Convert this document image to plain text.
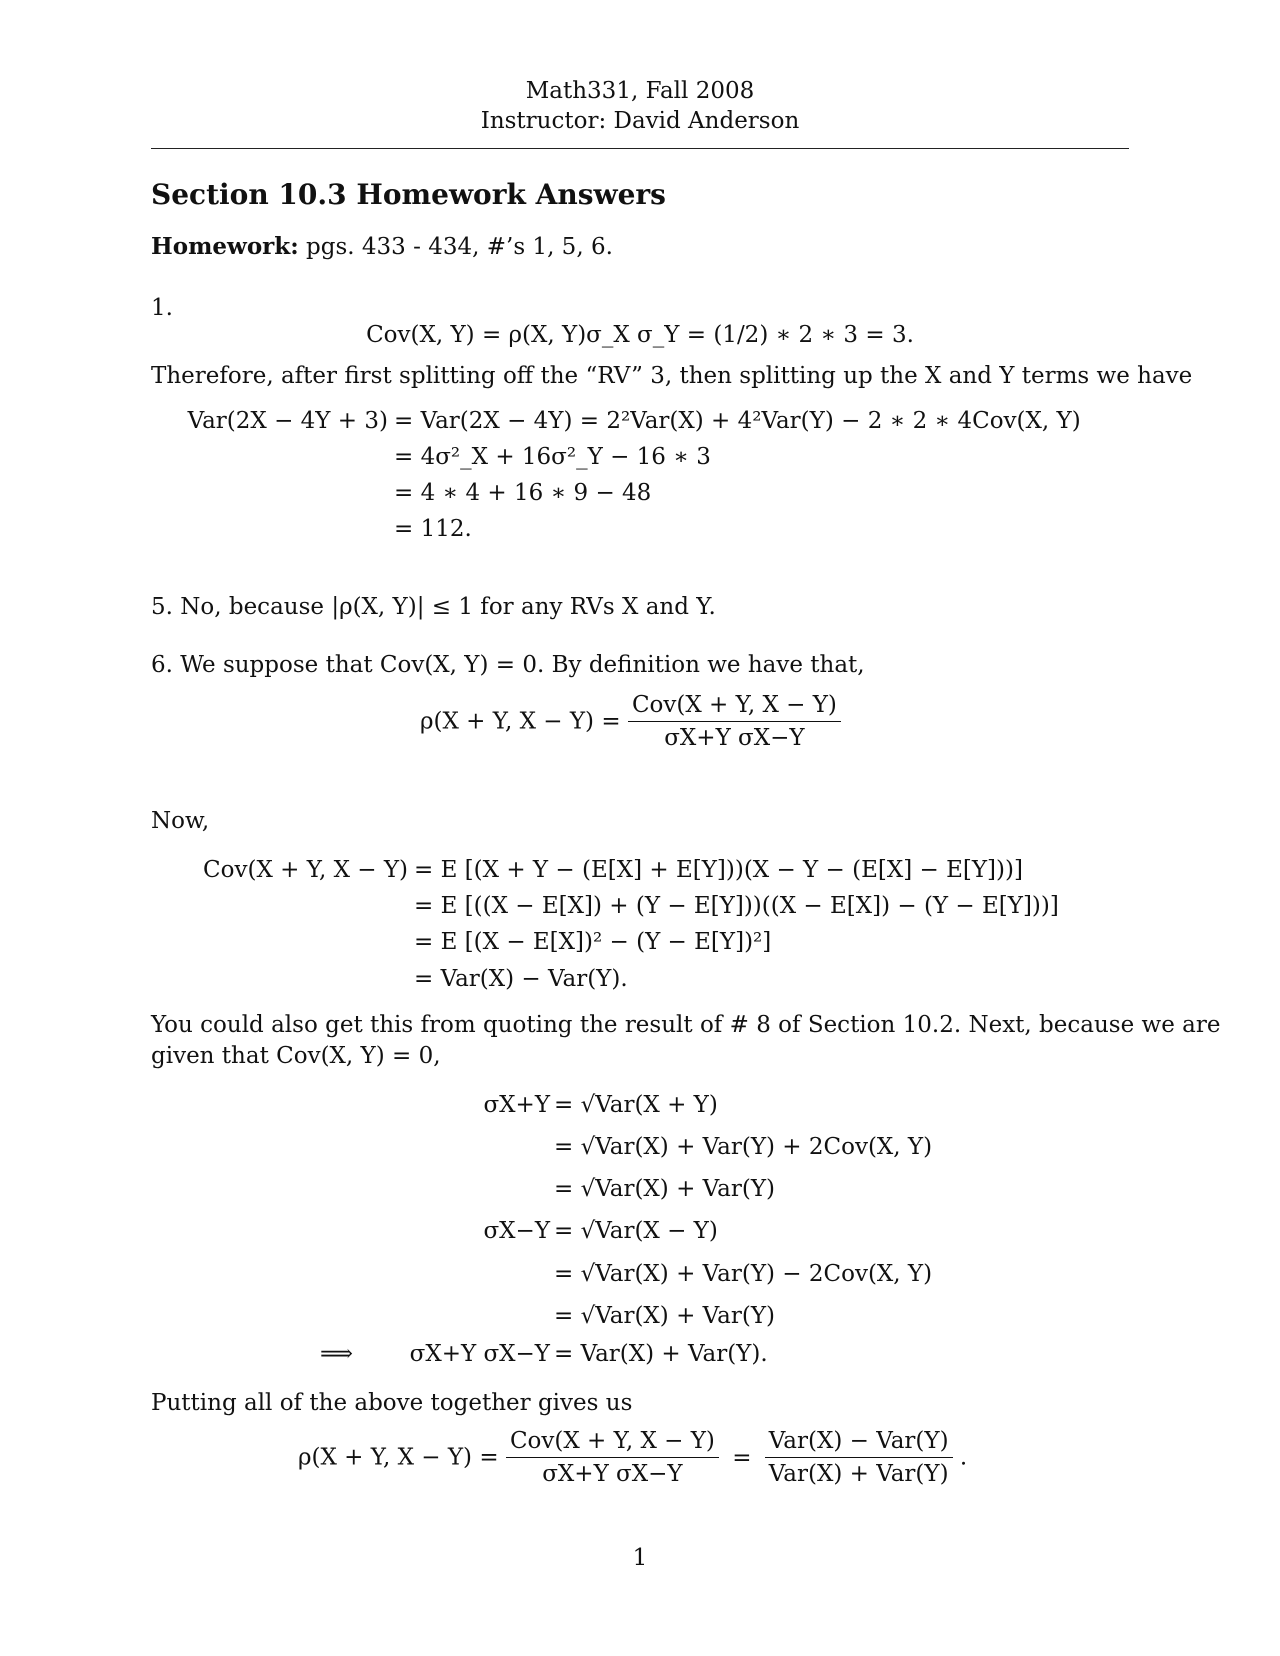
Math331, Fall 2008
Instructor: David Anderson
Section 10.3 Homework Answers
Homework: pgs. 433 - 434, #’s 1, 5, 6.
1.
Cov(X, Y) = ρ(X, Y)σ_X σ_Y = (1/2) ∗ 2 ∗ 3 = 3.
Therefore, after first splitting off the “RV” 3, then splitting up the X and Y terms we have
Var(2X − 4Y + 3) = Var(2X − 4Y) = 2²Var(X) + 4²Var(Y) − 2 ∗ 2 ∗ 4Cov(X, Y)
= 4σ²_X + 16σ²_Y − 16 ∗ 3
= 4 ∗ 4 + 16 ∗ 9 − 48
= 112.
5. No, because |ρ(X, Y)| ≤ 1 for any RVs X and Y.
6. We suppose that Cov(X, Y) = 0. By definition we have that,
ρ(X + Y, $X - Y) = \frac{\text{Cov(X + Y, X − Y)}}{\text{σX+Y σX−Y}}$
Now,
Cov(X + Y, X − Y) = E [(X + Y − (E[X] + E[Y]))(X − Y − (E[X] − E[Y]))]
= E [((X − E[X]) + (Y − E[Y]))((X − E[X]) − (Y − E[Y]))]
= E [(X − E[X])² − (Y − E[Y])²]
= Var(X) − Var(Y).
You could also get this from quoting the result of # 8 of Section 10.2. Next, because we are
given that Cov(X, Y) = 0,
σX+Y = √Var(X + Y)
= √Var(X) + Var(Y) + 2Cov(X, Y)
= √Var(X) + Var(Y)
σX−Y = √Var(X − Y)
= √Var(X) + Var(Y) − 2Cov(X, Y)
= √Var(X) + Var(Y)
⟹	σX+Y σX−Y = Var(X) + Var(Y).
Putting all of the above together gives us
ρ(X + Y, $X - Y) = \frac{\text{Cov(X + Y, X − Y)}}{\text{σX+Y σX−Y}} = \frac{\text{Var(X) − Var(Y)}}{\text{Var(X) + Var(Y)}}$ .
1
